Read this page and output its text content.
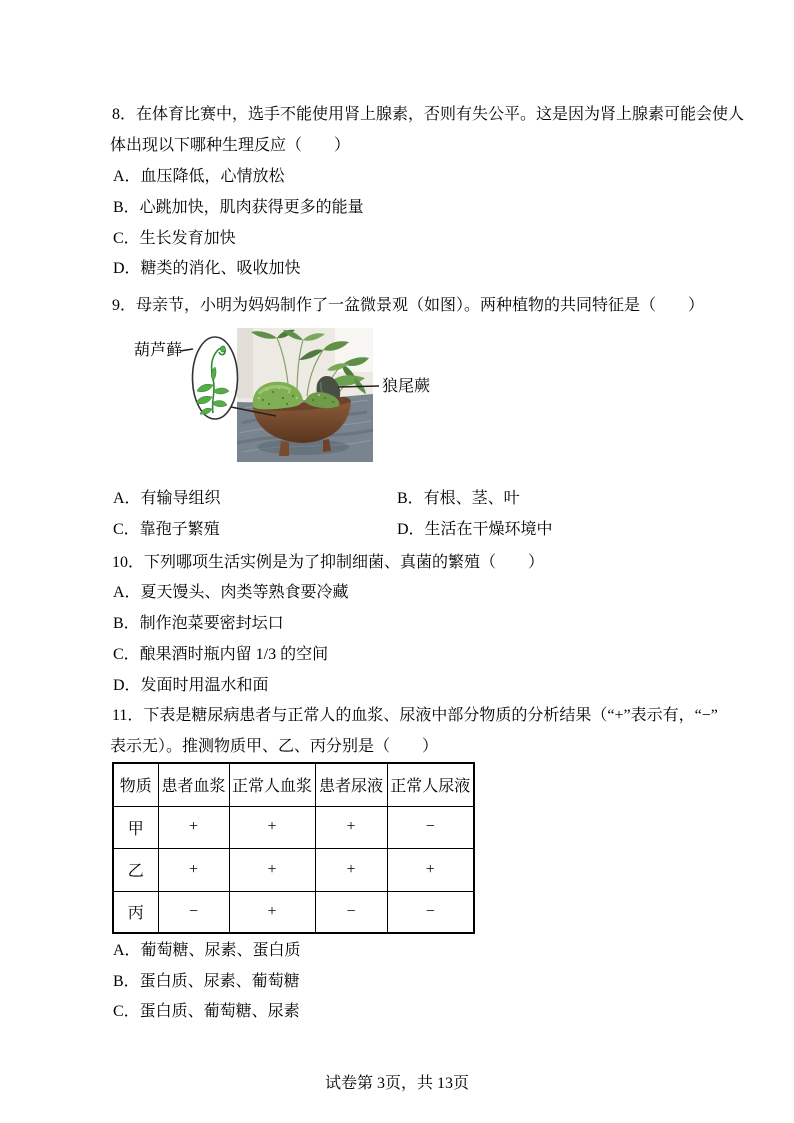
8．在体育比赛中，选手不能使用肾上腺素，否则有失公平。这是因为肾上腺素可能会使人
体出现以下哪种生理反应（　　）
A．血压降低，心情放松
B．心跳加快，肌肉获得更多的能量
C．生长发育加快
D．糖类的消化、吸收加快
9．母亲节，小明为妈妈制作了一盆微景观（如图）。两种植物的共同特征是（　　）
葫芦藓
狼尾蕨
A．有输导组织	B．有根、茎、叶
C．靠孢子繁殖	D．生活在干燥环境中
10．下列哪项生活实例是为了抑制细菌、真菌的繁殖（　　）
A．夏天馒头、肉类等熟食要冷藏
B．制作泡菜要密封坛口
C．酿果酒时瓶内留 1/3 的空间
D．发面时用温水和面
11．下表是糖尿病患者与正常人的血浆、尿液中部分物质的分析结果（“+”表示有，“−”
表示无）。推测物质甲、乙、丙分别是（　　）
物质	患者血浆	正常人血浆	患者尿液	正常人尿液
甲	+	+	+	−
乙	+	+	+	+
丙	−	+	−	−
A．葡萄糖、尿素、蛋白质
B．蛋白质、尿素、葡萄糖
C．蛋白质、葡萄糖、尿素
试卷第 3页，共 13页
